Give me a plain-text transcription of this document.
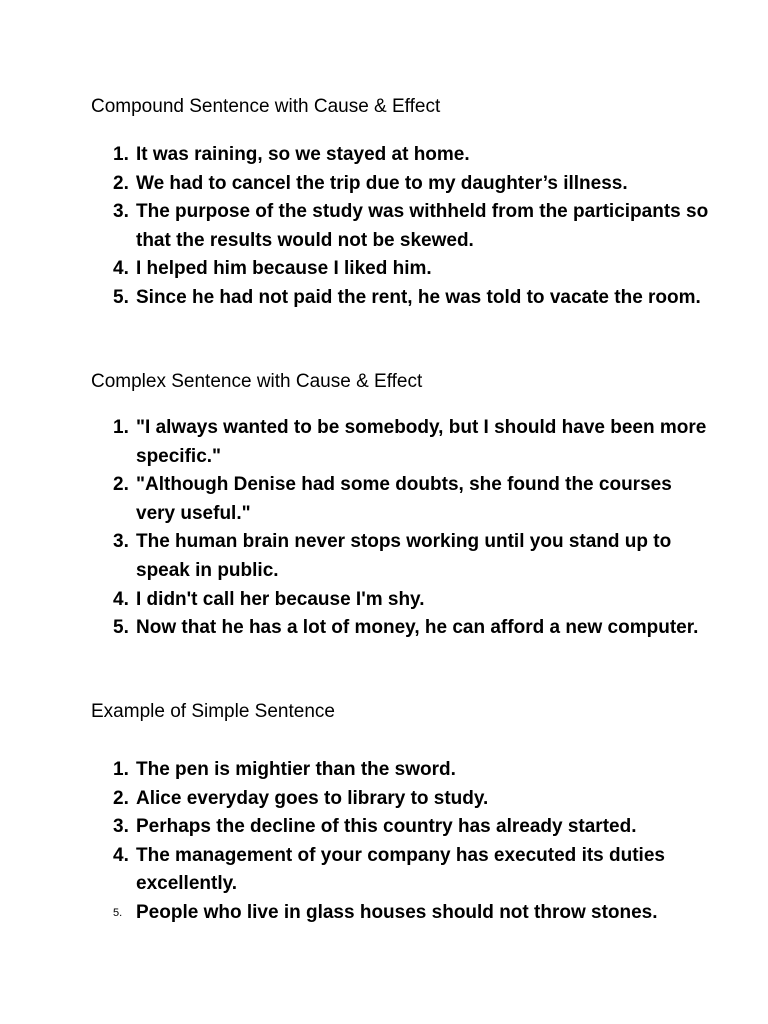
Compound Sentence with Cause & Effect
1. It was raining, so we stayed at home.
2. We had to cancel the trip due to my daughter’s illness.
3. The purpose of the study was withheld from the participants so that the results would not be skewed.
4. I helped him because I liked him.
5. Since he had not paid the rent, he was told to vacate the room.
Complex Sentence with Cause & Effect
1. "I always wanted to be somebody, but I should have been more specific."
2. "Although Denise had some doubts, she found the courses very useful."
3. The human brain never stops working until you stand up to speak in public.
4. I didn't call her because I'm shy.
5. Now that he has a lot of money, he can afford a new computer.
Example of Simple Sentence
1. The pen is mightier than the sword.
2. Alice everyday goes to library to study.
3. Perhaps the decline of this country has already started.
4. The management of your company has executed its duties excellently.
5. People who live in glass houses should not throw stones.
